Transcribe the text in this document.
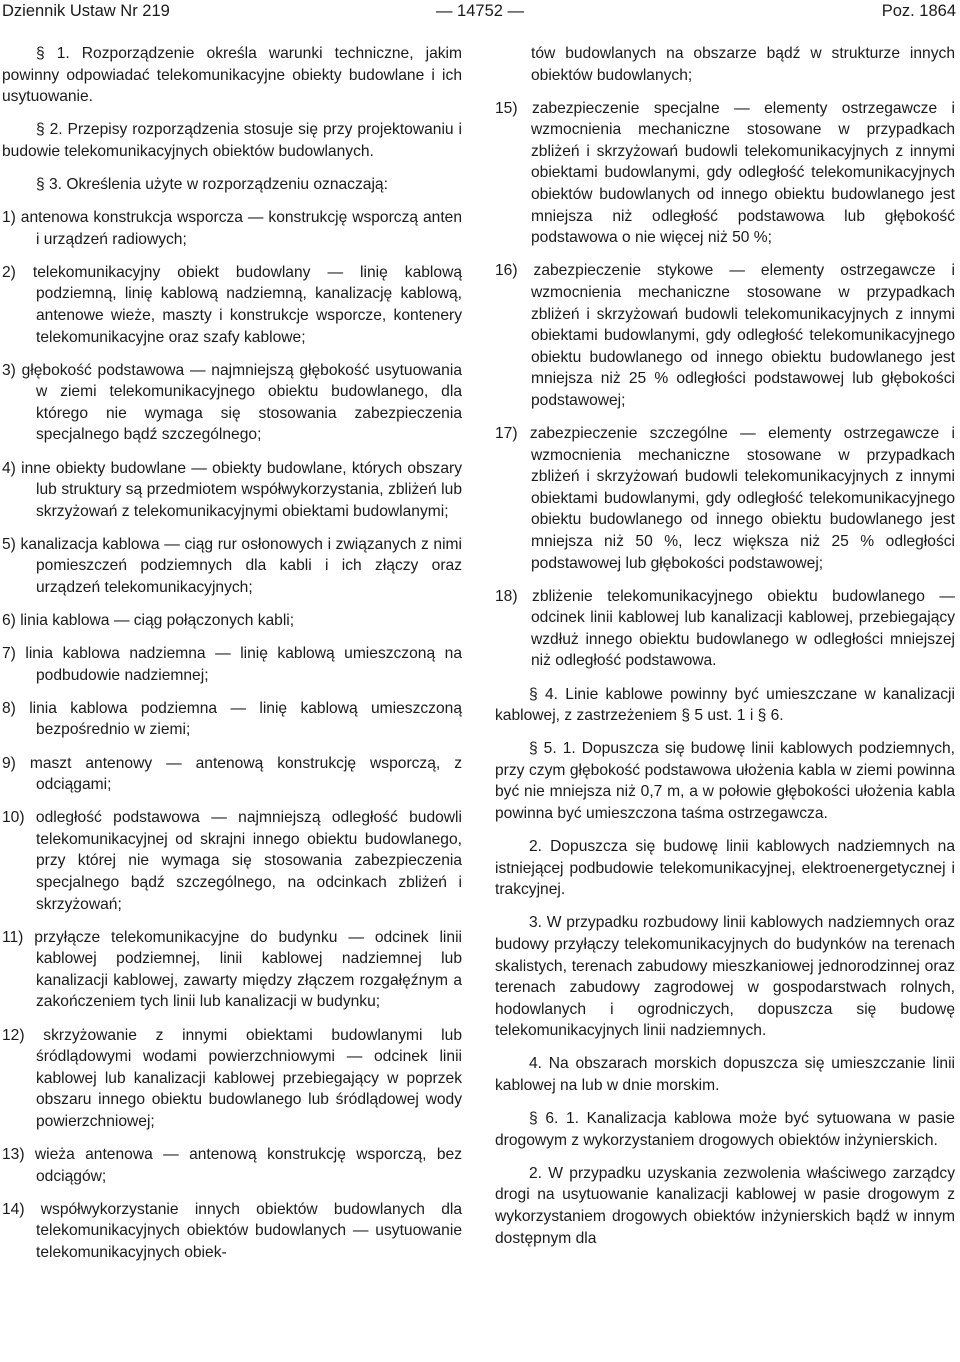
Dziennik Ustaw Nr 219	— 14752 —	Poz. 1864

§ 1. Rozporządzenie określa warunki techniczne, jakim powinny odpowiadać telekomunikacyjne obiekty budowlane i ich usytuowanie.

§ 2. Przepisy rozporządzenia stosuje się przy projektowaniu i budowie telekomunikacyjnych obiektów budowlanych.

§ 3. Określenia użyte w rozporządzeniu oznaczają:

1) antenowa konstrukcja wsporcza — konstrukcję wsporczą anten i urządzeń radiowych;
2) telekomunikacyjny obiekt budowlany — linię kablową podziemną, linię kablową nadziemną, kanalizację kablową, antenowe wieże, maszty i konstrukcje wsporcze, kontenery telekomunikacyjne oraz szafy kablowe;
3) głębokość podstawowa — najmniejszą głębokość usytuowania w ziemi telekomunikacyjnego obiektu budowlanego, dla którego nie wymaga się stosowania zabezpieczenia specjalnego bądź szczególnego;
4) inne obiekty budowlane — obiekty budowlane, których obszary lub struktury są przedmiotem współwykorzystania, zbliżeń lub skrzyżowań z telekomunikacyjnymi obiektami budowlanymi;
5) kanalizacja kablowa — ciąg rur osłonowych i związanych z nimi pomieszczeń podziemnych dla kabli i ich złączy oraz urządzeń telekomunikacyjnych;
6) linia kablowa — ciąg połączonych kabli;
7) linia kablowa nadziemna — linię kablową umieszczoną na podbudowie nadziemnej;
8) linia kablowa podziemna — linię kablową umieszczoną bezpośrednio w ziemi;
9) maszt antenowy — antenową konstrukcję wsporczą, z odciągami;
10) odległość podstawowa — najmniejszą odległość budowli telekomunikacyjnej od skrajni innego obiektu budowlanego, przy której nie wymaga się stosowania zabezpieczenia specjalnego bądź szczególnego, na odcinkach zbliżeń i skrzyżowań;
11) przyłącze telekomunikacyjne do budynku — odcinek linii kablowej podziemnej, linii kablowej nadziemnej lub kanalizacji kablowej, zawarty między złączem rozgałęźnym a zakończeniem tych linii lub kanalizacji w budynku;
12) skrzyżowanie z innymi obiektami budowlanymi lub śródlądowymi wodami powierzchniowymi — odcinek linii kablowej lub kanalizacji kablowej przebiegający w poprzek obszaru innego obiektu budowlanego lub śródlądowej wody powierzchniowej;
13) wieża antenowa — antenową konstrukcję wsporczą, bez odciągów;
14) współwykorzystanie innych obiektów budowlanych dla telekomunikacyjnych obiektów budowlanych — usytuowanie telekomunikacyjnych obiek-

tów budowlanych na obszarze bądź w strukturze innych obiektów budowlanych;

15) zabezpieczenie specjalne — elementy ostrzegawcze i wzmocnienia mechaniczne stosowane w przypadkach zbliżeń i skrzyżowań budowli telekomunikacyjnych z innymi obiektami budowlanymi, gdy odległość telekomunikacyjnych obiektów budowlanych od innego obiektu budowlanego jest mniejsza niż odległość podstawowa lub głębokość podstawowa o nie więcej niż 50 %;
16) zabezpieczenie stykowe — elementy ostrzegawcze i wzmocnienia mechaniczne stosowane w przypadkach zbliżeń i skrzyżowań budowli telekomunikacyjnych z innymi obiektami budowlanymi, gdy odległość telekomunikacyjnego obiektu budowlanego od innego obiektu budowlanego jest mniejsza niż 25 % odległości podstawowej lub głębokości podstawowej;
17) zabezpieczenie szczególne — elementy ostrzegawcze i wzmocnienia mechaniczne stosowane w przypadkach zbliżeń i skrzyżowań budowli telekomunikacyjnych z innymi obiektami budowlanymi, gdy odległość telekomunikacyjnego obiektu budowlanego od innego obiektu budowlanego jest mniejsza niż 50 %, lecz większa niż 25 % odległości podstawowej lub głębokości podstawowej;
18) zbliżenie telekomunikacyjnego obiektu budowlanego — odcinek linii kablowej lub kanalizacji kablowej, przebiegający wzdłuż innego obiektu budowlanego w odległości mniejszej niż odległość podstawowa.

§ 4. Linie kablowe powinny być umieszczane w kanalizacji kablowej, z zastrzeżeniem § 5 ust. 1 i § 6.

§ 5. 1. Dopuszcza się budowę linii kablowych podziemnych, przy czym głębokość podstawowa ułożenia kabla w ziemi powinna być nie mniejsza niż 0,7 m, a w połowie głębokości ułożenia kabla powinna być umieszczona taśma ostrzegawcza.

2. Dopuszcza się budowę linii kablowych nadziemnych na istniejącej podbudowie telekomunikacyjnej, elektroenergetycznej i trakcyjnej.

3. W przypadku rozbudowy linii kablowych nadziemnych oraz budowy przyłączy telekomunikacyjnych do budynków na terenach skalistych, terenach zabudowy mieszkaniowej jednorodzinnej oraz terenach zabudowy zagrodowej w gospodarstwach rolnych, hodowlanych i ogrodniczych, dopuszcza się budowę telekomunikacyjnych linii nadziemnych.

4. Na obszarach morskich dopuszcza się umieszczanie linii kablowej na lub w dnie morskim.

§ 6. 1. Kanalizacja kablowa może być sytuowana w pasie drogowym z wykorzystaniem drogowych obiektów inżynierskich.

2. W przypadku uzyskania zezwolenia właściwego zarządcy drogi na usytuowanie kanalizacji kablowej w pasie drogowym z wykorzystaniem drogowych obiektów inżynierskich bądź w innym dostępnym dla
